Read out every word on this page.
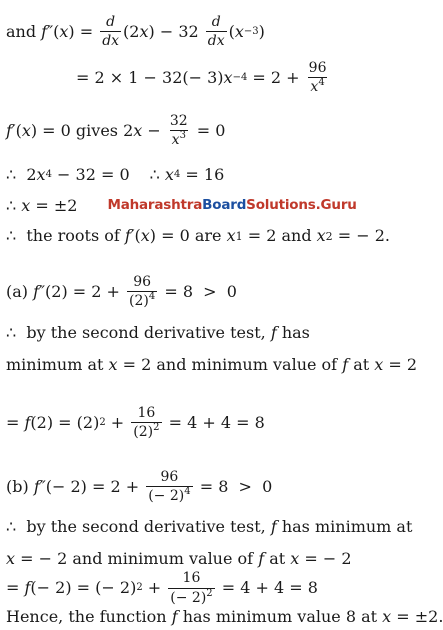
and f″ ( x ) = $\frac{d}{dx} (2$ x ) − $32 \frac{d}{dx}$ ( x −3 )
= 2 × 1 − 32(− 3) $x -4 = 2 + \frac{96}{x^4}$
f′ ( x ) = 0 gives 2 $x - \frac{32}{x^3} = 0$
∴  2 x 4 − 32 = 0 ∴ x 4 = 16
∴ x = ±2 MaharashtraBoardSolutions.Guru
∴  the roots of f′ ( x ) = 0 are x 1 = 2 and x 2 = − 2.
(a) f″ $(2) = 2 + \frac{96}{(2)^4} = 8 > 0$
∴  by the second derivative test, f has
minimum at x = 2 and minimum value of f at x = 2
= f (2) = (2) $2 + \frac{16}{(2)^2} = 4 + 4 = 8$
(b) f″ (− $2) = 2 + \frac{96}{(- 2)^4} = 8 > 0$
∴  by the second derivative test, f has minimum at
x = − 2 and minimum value of f at x = − 2
= f (− 2) = (− 2) $2 + \frac{16}{(- 2)^2} = 4 + 4 = 8$
Hence, the function f has minimum value 8 at x = ±2.
